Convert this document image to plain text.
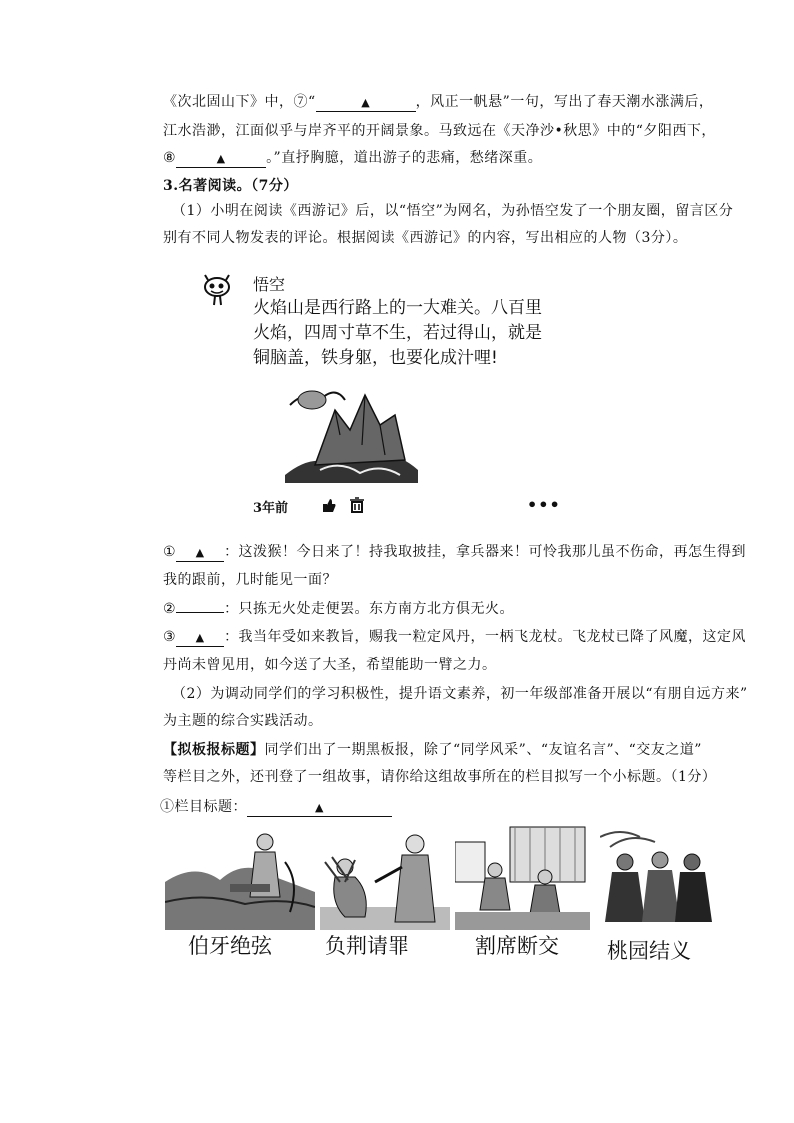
《次北固山下》中，⑦“	▲	，风正一帆悬”一句，写出了春天潮水涨满后，
江水浩渺，江面似乎与岸齐平的开阔景象。马致远在《天净沙•秋思》中的“夕阳西下，
⑧	▲	。”直抒胸臆，道出游子的悲痛，愁绪深重。
3.名著阅读。（7分）
（1）小明在阅读《西游记》后，以“悟空”为网名，为孙悟空发了一个朋友圈，留言区分
别有不同人物发表的评论。根据阅读《西游记》的内容，写出相应的人物（3分）。
悟空
火焰山是西行路上的一大难关。八百里
火焰，四周寸草不生，若过得山，就是
铜脑盖，铁身躯，也要化成汁哩!
3年前	•••
① ▲ ：这泼猴！今日来了！持我取披挂，拿兵器来！可怜我那儿虽不伤命，再怎生得到
我的跟前，几时能见一面？
②	：只拣无火处走便罢。东方南方北方俱无火。
③ ▲ ：我当年受如来教旨，赐我一粒定风丹，一柄飞龙杖。飞龙杖已降了风魔，这定风
丹尚未曾见用，如今送了大圣，希望能助一臂之力。
（2）为调动同学们的学习积极性，提升语文素养，初一年级部准备开展以“有朋自远方来”
为主题的综合实践活动。
【拟板报标题】同学们出了一期黑板报，除了“同学风采”、“友谊名言”、“交友之道”
等栏目之外，还刊登了一组故事，请你给这组故事所在的栏目拟写一个小标题。（1分）
①栏目标题：	▲
伯牙绝弦	负荆请罪	割席断交 桃园结义
